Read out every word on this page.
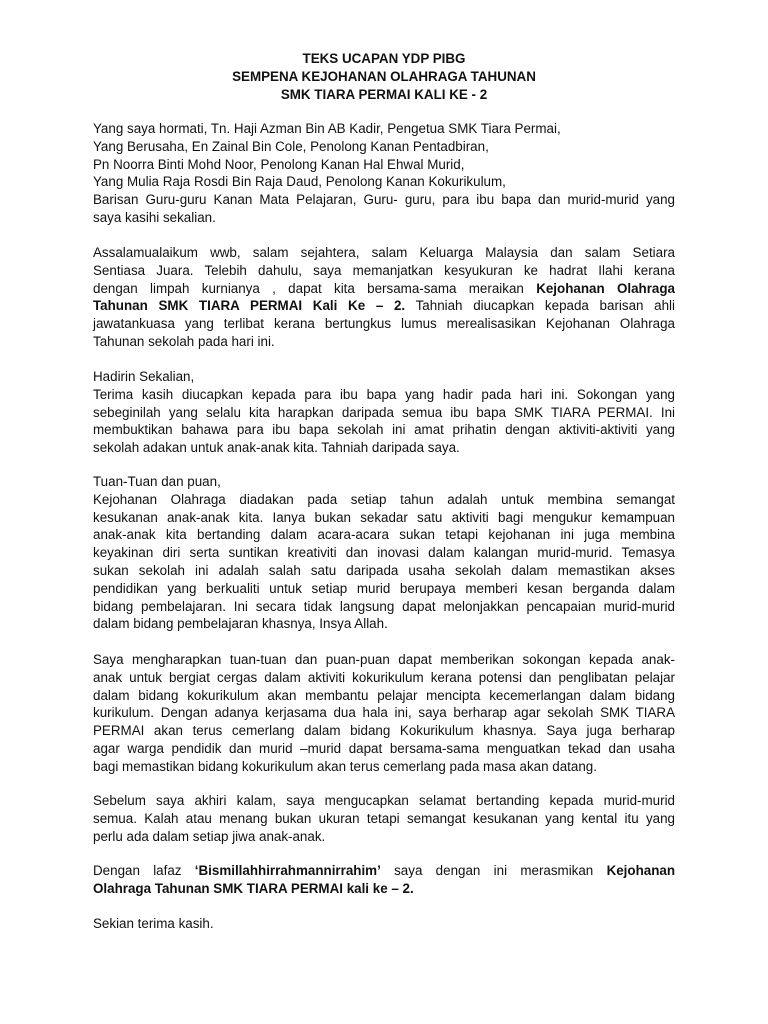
TEKS UCAPAN YDP PIBG
SEMPENA KEJOHANAN OLAHRAGA TAHUNAN
SMK TIARA PERMAI KALI KE - 2
Yang saya hormati, Tn. Haji Azman Bin AB Kadir, Pengetua SMK Tiara Permai,
Yang Berusaha, En Zainal Bin Cole, Penolong Kanan Pentadbiran,
Pn Noorra Binti Mohd Noor, Penolong Kanan Hal Ehwal Murid,
Yang Mulia Raja Rosdi Bin Raja Daud, Penolong Kanan Kokurikulum,
Barisan Guru-guru Kanan Mata Pelajaran, Guru- guru, para ibu bapa dan murid-murid yang
saya kasihi sekalian.
Assalamualaikum wwb, salam sejahtera, salam Keluarga Malaysia dan salam Setiara
Sentiasa Juara. Telebih dahulu, saya memanjatkan kesyukuran ke hadrat Ilahi kerana
dengan limpah kurnianya , dapat kita bersama-sama meraikan Kejohanan Olahraga
Tahunan SMK TIARA PERMAI Kali Ke – 2. Tahniah diucapkan kepada barisan ahli
jawatankuasa yang terlibat kerana bertungkus lumus merealisasikan Kejohanan Olahraga
Tahunan sekolah pada hari ini.
Hadirin Sekalian,
Terima kasih diucapkan kepada para ibu bapa yang hadir pada hari ini. Sokongan yang
sebeginilah yang selalu kita harapkan daripada semua ibu bapa SMK TIARA PERMAI. Ini
membuktikan bahawa para ibu bapa sekolah ini amat prihatin dengan aktiviti-aktiviti yang
sekolah adakan untuk anak-anak kita. Tahniah daripada saya.
Tuan-Tuan dan puan,
Kejohanan Olahraga diadakan pada setiap tahun adalah untuk membina semangat
kesukanan anak-anak kita. Ianya bukan sekadar satu aktiviti bagi mengukur kemampuan
anak-anak kita bertanding dalam acara-acara sukan tetapi kejohanan ini juga membina
keyakinan diri serta suntikan kreativiti dan inovasi dalam kalangan murid-murid. Temasya
sukan sekolah ini adalah salah satu daripada usaha sekolah dalam memastikan akses
pendidikan yang berkualiti untuk setiap murid berupaya memberi kesan berganda dalam
bidang pembelajaran. Ini secara tidak langsung dapat melonjakkan pencapaian murid-murid
dalam bidang pembelajaran khasnya, Insya Allah.
Saya mengharapkan tuan-tuan dan puan-puan dapat memberikan sokongan kepada anak-
anak untuk bergiat cergas dalam aktiviti kokurikulum kerana potensi dan penglibatan pelajar
dalam bidang kokurikulum akan membantu pelajar mencipta kecemerlangan dalam bidang
kurikulum. Dengan adanya kerjasama dua hala ini, saya berharap agar sekolah SMK TIARA
PERMAI akan terus cemerlang dalam bidang Kokurikulum khasnya. Saya juga berharap
agar warga pendidik dan murid –murid dapat bersama-sama menguatkan tekad dan usaha
bagi memastikan bidang kokurikulum akan terus cemerlang pada masa akan datang.
Sebelum saya akhiri kalam, saya mengucapkan selamat bertanding kepada murid-murid
semua. Kalah atau menang bukan ukuran tetapi semangat kesukanan yang kental itu yang
perlu ada dalam setiap jiwa anak-anak.
Dengan lafaz ‘Bismillahhirrahmannirrahim’ saya dengan ini merasmikan Kejohanan
Olahraga Tahunan SMK TIARA PERMAI kali ke – 2.
Sekian terima kasih.
